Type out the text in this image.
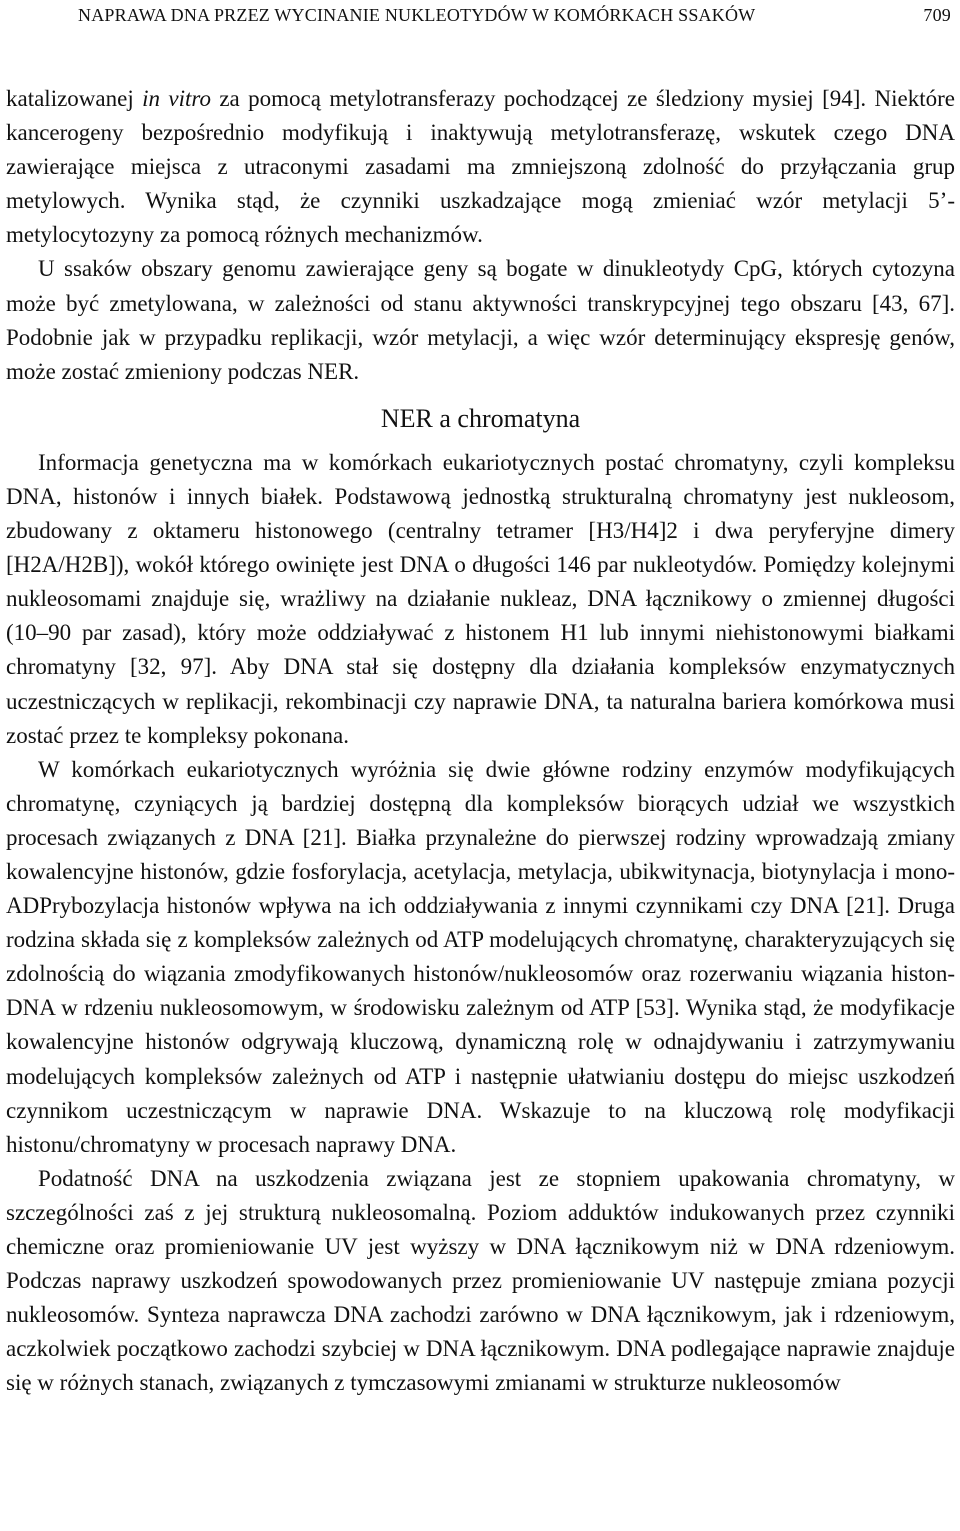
NAPRAWA DNA PRZEZ WYCINANIE NUKLEOTYDÓW W KOMÓRKACH SSAKÓW	709

katalizowanej in vitro za pomocą metylotransferazy pochodzącej ze śledziony mysiej [94]. Niektóre kancerogeny bezpośrednio modyfikują i inaktywują metylotransferazę, wskutek czego DNA zawierające miejsca z utraconymi zasadami ma zmniejszoną zdolność do przyłączania grup metylowych. Wynika stąd, że czynniki uszkadzające mogą zmieniać wzór metylacji 5’-metylocytozyny za pomocą różnych mechanizmów.

U ssaków obszary genomu zawierające geny są bogate w dinukleotydy CpG, których cytozyna może być zmetylowana, w zależności od stanu aktywności transkrypcyjnej tego obszaru [43, 67]. Podobnie jak w przypadku replikacji, wzór metylacji, a więc wzór determinujący ekspresję genów, może zostać zmieniony podczas NER.

NER a chromatyna

Informacja genetyczna ma w komórkach eukariotycznych postać chromatyny, czyli kompleksu DNA, histonów i innych białek. Podstawową jednostką strukturalną chromatyny jest nukleosom, zbudowany z oktameru histonowego (centralny tetramer [H3/H4]2 i dwa peryferyjne dimery [H2A/H2B]), wokół którego owinięte jest DNA o długości 146 par nukleotydów. Pomiędzy kolejnymi nukleosomami znajduje się, wrażliwy na działanie nukleaz, DNA łącznikowy o zmiennej długości (10–90 par zasad), który może oddziaływać z histonem H1 lub innymi niehistonowymi białkami chromatyny [32, 97]. Aby DNA stał się dostępny dla działania kompleksów enzymatycznych uczestniczących w replikacji, rekombinacji czy naprawie DNA, ta naturalna bariera komórkowa musi zostać przez te kompleksy pokonana.

W komórkach eukariotycznych wyróżnia się dwie główne rodziny enzymów modyfikujących chromatynę, czyniących ją bardziej dostępną dla kompleksów biorących udział we wszystkich procesach związanych z DNA [21]. Białka przynależne do pierwszej rodziny wprowadzają zmiany kowalencyjne histonów, gdzie fosforylacja, acetylacja, metylacja, ubikwitynacja, biotynylacja i mono-ADPrybozylacja histonów wpływa na ich oddziaływania z innymi czynnikami czy DNA [21]. Druga rodzina składa się z kompleksów zależnych od ATP modelujących chromatynę, charakteryzujących się zdolnością do wiązania zmodyfikowanych histonów/nukleosomów oraz rozerwaniu wiązania histon-DNA w rdzeniu nukleosomowym, w środowisku zależnym od ATP [53]. Wynika stąd, że modyfikacje kowalencyjne histonów odgrywają kluczową, dynamiczną rolę w odnajdywaniu i zatrzymywaniu modelujących kompleksów zależnych od ATP i następnie ułatwianiu dostępu do miejsc uszkodzeń czynnikom uczestniczącym w naprawie DNA. Wskazuje to na kluczową rolę modyfikacji histonu/chromatyny w procesach naprawy DNA.

Podatność DNA na uszkodzenia związana jest ze stopniem upakowania chromatyny, w szczególności zaś z jej strukturą nukleosomalną. Poziom adduktów indukowanych przez czynniki chemiczne oraz promieniowanie UV jest wyższy w DNA łącznikowym niż w DNA rdzeniowym. Podczas naprawy uszkodzeń spowodowanych przez promieniowanie UV następuje zmiana pozycji nukleosomów. Synteza naprawcza DNA zachodzi zarówno w DNA łącznikowym, jak i rdzeniowym, aczkolwiek początkowo zachodzi szybciej w DNA łącznikowym. DNA podlegające naprawie znajduje się w różnych stanach, związanych z tymczasowymi zmianami w strukturze nukleosomów
